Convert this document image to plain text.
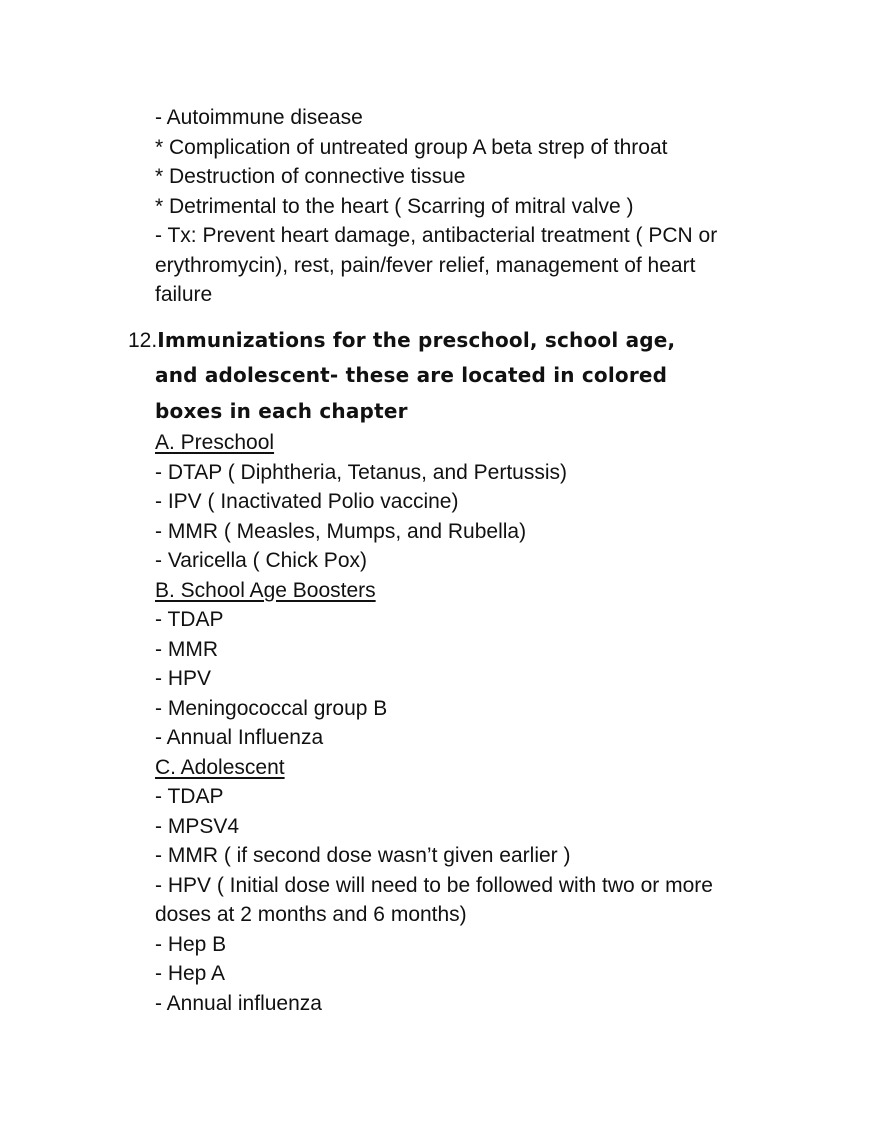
- Autoimmune disease
* Complication of untreated group A beta strep of throat
* Destruction of connective tissue
* Detrimental to the heart ( Scarring of mitral valve )
- Tx: Prevent heart damage, antibacterial treatment ( PCN or
erythromycin), rest, pain/fever relief, management of heart
failure
12.Immunizations for the preschool, school age,
and adolescent- these are located in colored
boxes in each chapter
A. Preschool
- DTAP ( Diphtheria, Tetanus, and Pertussis)
- IPV ( Inactivated Polio vaccine)
- MMR ( Measles, Mumps, and Rubella)
- Varicella ( Chick Pox)
B. School Age Boosters
- TDAP
- MMR
- HPV
- Meningococcal group B
- Annual Influenza
C. Adolescent
- TDAP
- MPSV4
- MMR ( if second dose wasn’t given earlier )
- HPV ( Initial dose will need to be followed with two or more
doses at 2 months and 6 months)
- Hep B
- Hep A
- Annual influenza
